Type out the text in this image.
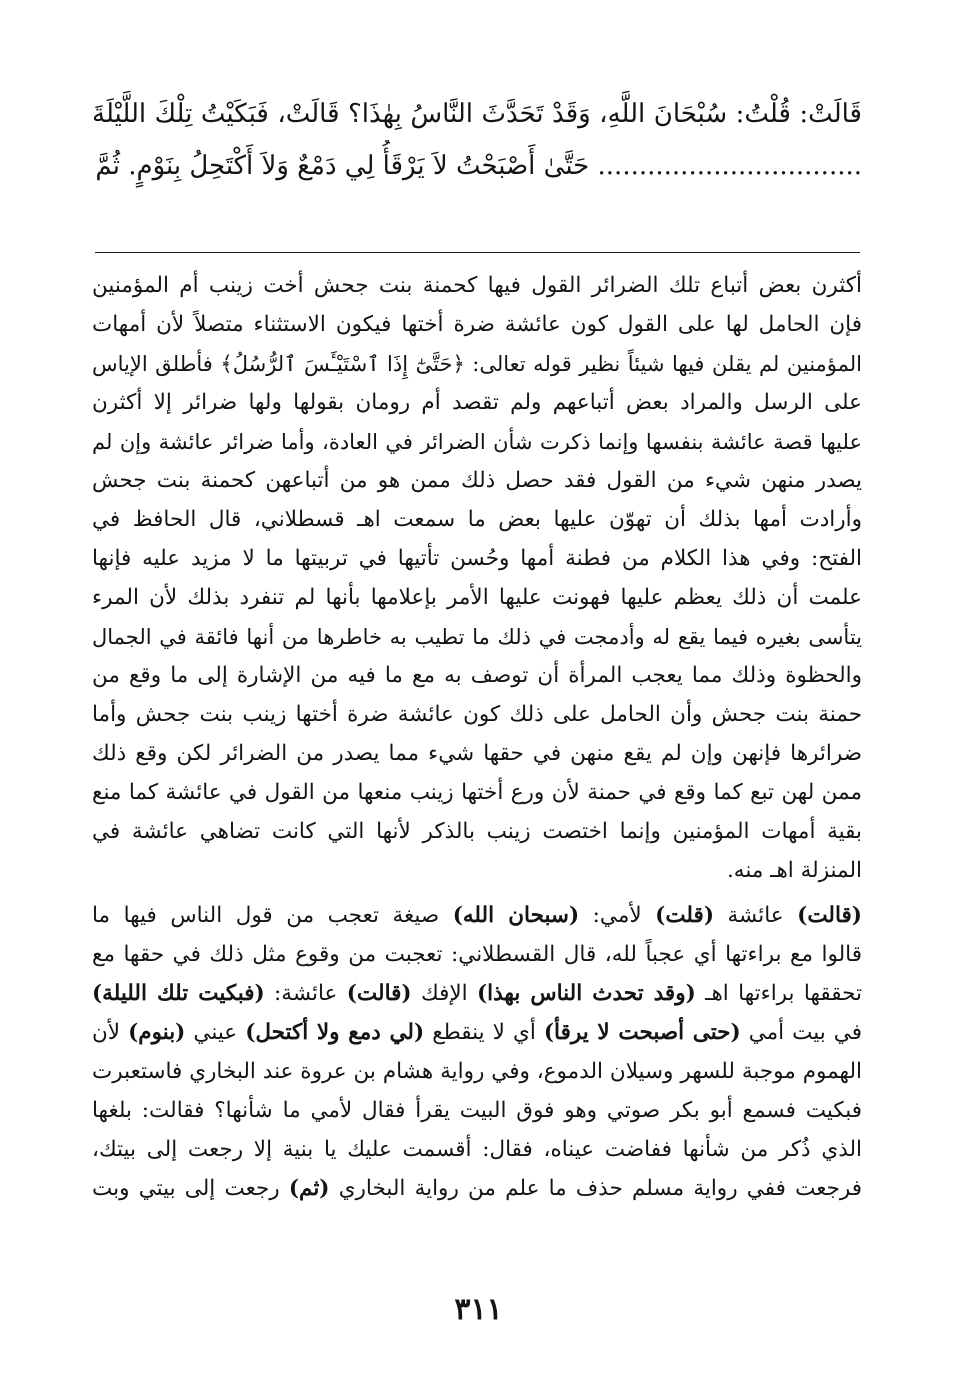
قَالَتْ: قُلْتُ: سُبْحَانَ اللَّهِ، وَقَدْ تَحَدَّثَ النَّاسُ بِهٰذَا؟ قَالَتْ، فَبَكَيْتُ تِلْكَ اللَّيْلَةَ
................................ حَتَّىٰ أَصْبَحْتُ لاَ يَرْقَأُ لِي دَمْعٌ وَلاَ أَكْتَحِلُ بِنَوْمٍ. ثُمَّ
أكثرن بعض أتباع تلك الضرائر القول فيها كحمنة بنت جحش أخت زينب أم المؤمنين
فإن الحامل لها على القول كون عائشة ضرة أختها فيكون الاستثناء متصلاً لأن أمهات
المؤمنين لم يقلن فيها شيئاً نظير قوله تعالى: ﴿حَتَّىٰٓ إِذَا ٱسْتَيْـَٔسَ ٱلرُّسُلُ﴾ فأطلق الإياس
على الرسل والمراد بعض أتباعهم ولم تقصد أم رومان بقولها ولها ضرائر إلا أكثرن
عليها قصة عائشة بنفسها وإنما ذكرت شأن الضرائر في العادة، وأما ضرائر عائشة وإن لم
يصدر منهن شيء من القول فقد حصل ذلك ممن هو من أتباعهن كحمنة بنت جحش
وأرادت أمها بذلك أن تهوّن عليها بعض ما سمعت اهـ قسطلاني، قال الحافظ في
الفتح: وفي هذا الكلام من فطنة أمها وحُسن تأتيها في تربيتها ما لا مزيد عليه فإنها
علمت أن ذلك يعظم عليها فهونت عليها الأمر بإعلامها بأنها لم تنفرد بذلك لأن المرء
يتأسى بغيره فيما يقع له وأدمجت في ذلك ما تطيب به خاطرها من أنها فائقة في الجمال
والحظوة وذلك مما يعجب المرأة أن توصف به مع ما فيه من الإشارة إلى ما وقع من
حمنة بنت جحش وأن الحامل على ذلك كون عائشة ضرة أختها زينب بنت جحش وأما
ضرائرها فإنهن وإن لم يقع منهن في حقها شيء مما يصدر من الضرائر لكن وقع ذلك
ممن لهن تبع كما وقع في حمنة لأن ورع أختها زينب منعها من القول في عائشة كما منع
بقية أمهات المؤمنين وإنما اختصت زينب بالذكر لأنها التي كانت تضاهي عائشة في
المنزلة اهـ منه.
(قالت) عائشة (قلت) لأمي: (سبحان الله) صيغة تعجب من قول الناس فيها ما
قالوا مع براءتها أي عجباً لله، قال القسطلاني: تعجبت من وقوع مثل ذلك في حقها مع
تحققها براءتها اهـ (وقد تحدث الناس بهذا) الإفك (قالت) عائشة: (فبكيت تلك الليلة)
في بيت أمي (حتى أصبحت لا يرقأ) أي لا ينقطع (لي دمع ولا أكتحل) عيني (بنوم) لأن
الهموم موجبة للسهر وسيلان الدموع، وفي رواية هشام بن عروة عند البخاري فاستعبرت
فبكيت فسمع أبو بكر صوتي وهو فوق البيت يقرأ فقال لأمي ما شأنها؟ فقالت: بلغها
الذي ذُكر من شأنها ففاضت عيناه، فقال: أقسمت عليك يا بنية إلا رجعت إلى بيتك،
فرجعت ففي رواية مسلم حذف ما علم من رواية البخاري (ثم) رجعت إلى بيتي وبت
٣١١
